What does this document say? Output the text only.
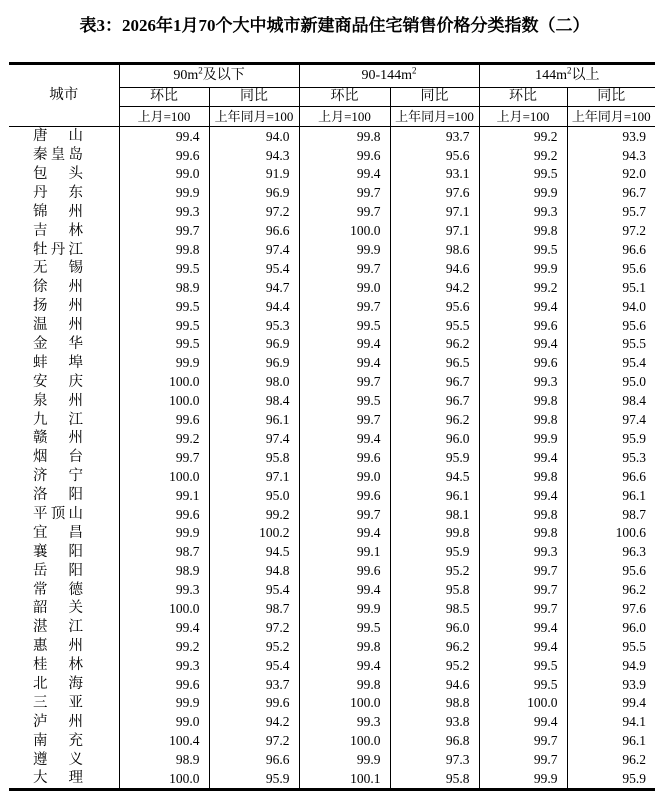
表3：2026年1月70个大中城市新建商品住宅销售价格分类指数（二）
城市	$90m^2$及以下		$90-144m^2$		$144m^2$以上	
	环比	同比	环比	同比	环比	同比
	上月=100	上年同月=100	上月=100	上年同月=100	上月=100	上年同月=100

唐 山	99.4	94.0	99.8	93.7	99.2	93.9

秦 皇 岛	99.6	94.3	99.6	95.6	99.2	94.3

包 头	99.0	91.9	99.4	93.1	99.5	92.0

丹 东	99.9	96.9	99.7	97.6	99.9	96.7

锦 州	99.3	97.2	99.7	97.1	99.3	95.7

吉 林	99.7	96.6	100.0	97.1	99.8	97.2

牡 丹 江	99.8	97.4	99.9	98.6	99.5	96.6

无 锡	99.5	95.4	99.7	94.6	99.9	95.6

徐 州	98.9	94.7	99.0	94.2	99.2	95.1

扬 州	99.5	94.4	99.7	95.6	99.4	94.0

温 州	99.5	95.3	99.5	95.5	99.6	95.6

金 华	99.5	96.9	99.4	96.2	99.4	95.5

蚌 埠	99.9	96.9	99.4	96.5	99.6	95.4

安 庆	100.0	98.0	99.7	96.7	99.3	95.0

泉 州	100.0	98.4	99.5	96.7	99.8	98.4

九 江	99.6	96.1	99.7	96.2	99.8	97.4

赣 州	99.2	97.4	99.4	96.0	99.9	95.9

烟 台	99.7	95.8	99.6	95.9	99.4	95.3

济 宁	100.0	97.1	99.0	94.5	99.8	96.6

洛 阳	99.1	95.0	99.6	96.1	99.4	96.1

平 顶 山	99.6	99.2	99.7	98.1	99.8	98.7

宜 昌	99.9	100.2	99.4	99.8	99.8	100.6

襄 阳	98.7	94.5	99.1	95.9	99.3	96.3

岳 阳	98.9	94.8	99.6	95.2	99.7	95.6

常 德	99.3	95.4	99.4	95.8	99.7	96.2

韶 关	100.0	98.7	99.9	98.5	99.7	97.6

湛 江	99.4	97.2	99.5	96.0	99.4	96.0

惠 州	99.2	95.2	99.8	96.2	99.4	95.5

桂 林	99.3	95.4	99.4	95.2	99.5	94.9

北 海	99.6	93.7	99.8	94.6	99.5	93.9

三 亚	99.9	99.6	100.0	98.8	100.0	99.4

泸 州	99.0	94.2	99.3	93.8	99.4	94.1

南 充	100.4	97.2	100.0	96.8	99.7	96.1

遵 义	98.9	96.6	99.9	97.3	99.7	96.2

大 理	100.0	95.9	100.1	95.8	99.9	95.9
